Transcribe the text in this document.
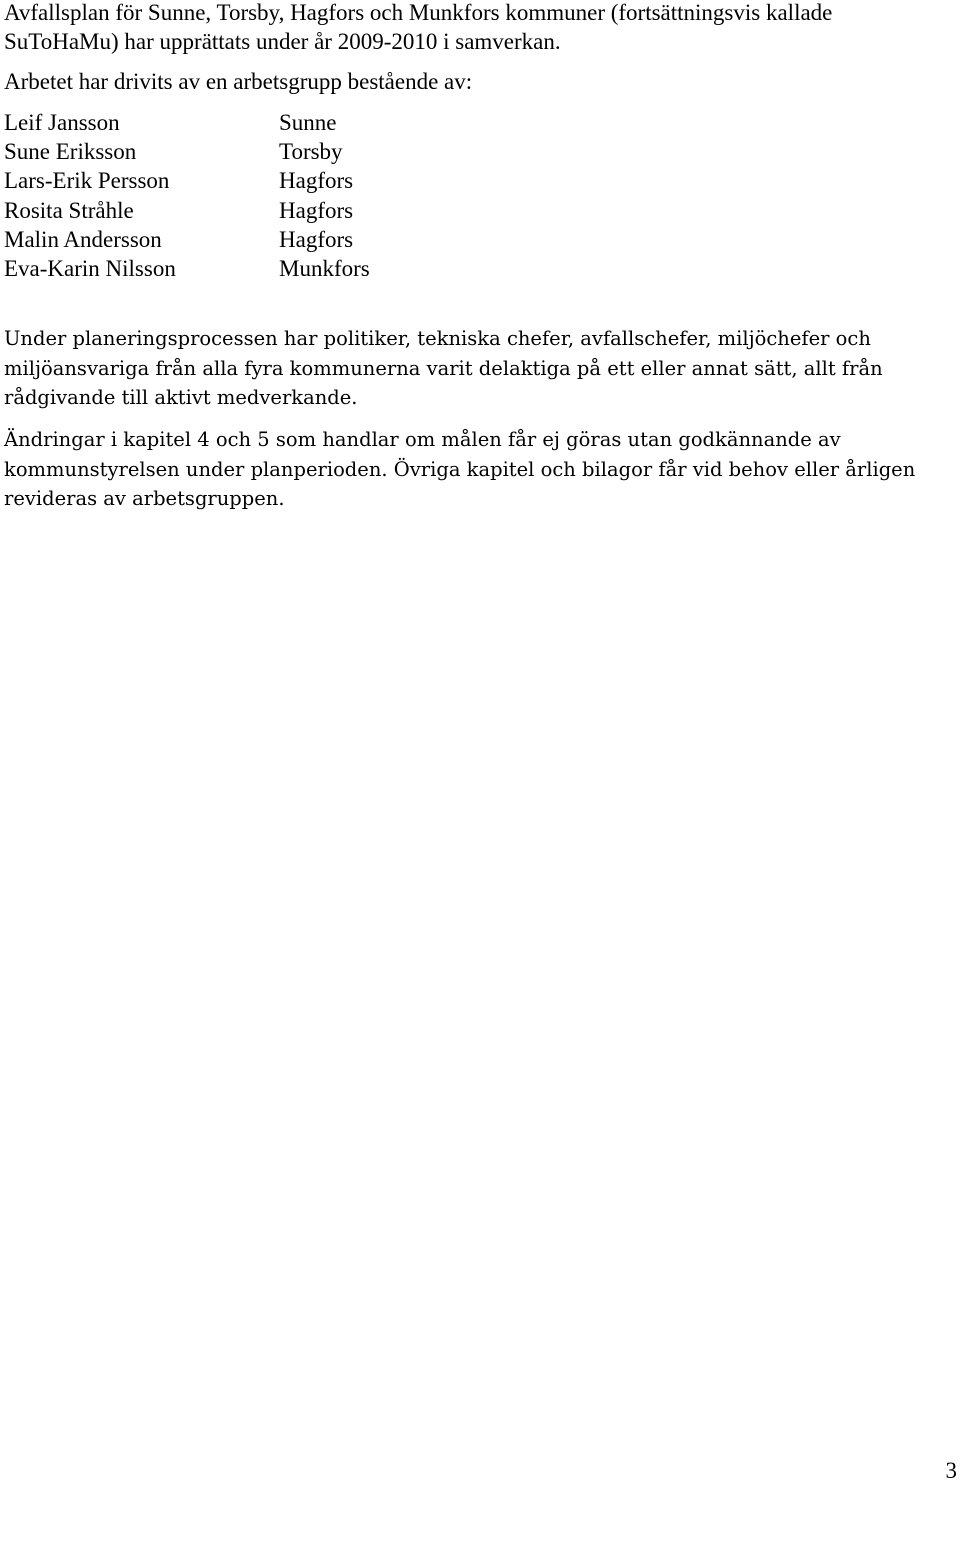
Avfallsplan för Sunne, Torsby, Hagfors och Munkfors kommuner (fortsättningsvis kallade
SuToHaMu) har upprättats under år 2009-2010 i samverkan.
Arbetet har drivits av en arbetsgrupp bestående av:
Leif Jansson	Sunne
Sune Eriksson	Torsby
Lars-Erik Persson	Hagfors
Rosita Stråhle	Hagfors
Malin Andersson	Hagfors
Eva-Karin Nilsson	Munkfors
Under planeringsprocessen har politiker, tekniska chefer, avfallschefer, miljöchefer och
miljöansvariga från alla fyra kommunerna varit delaktiga på ett eller annat sätt, allt från
rådgivande till aktivt medverkande.
Ändringar i kapitel 4 och 5 som handlar om målen får ej göras utan godkännande av
kommunstyrelsen under planperioden. Övriga kapitel och bilagor får vid behov eller årligen
revideras av arbetsgruppen.
3
